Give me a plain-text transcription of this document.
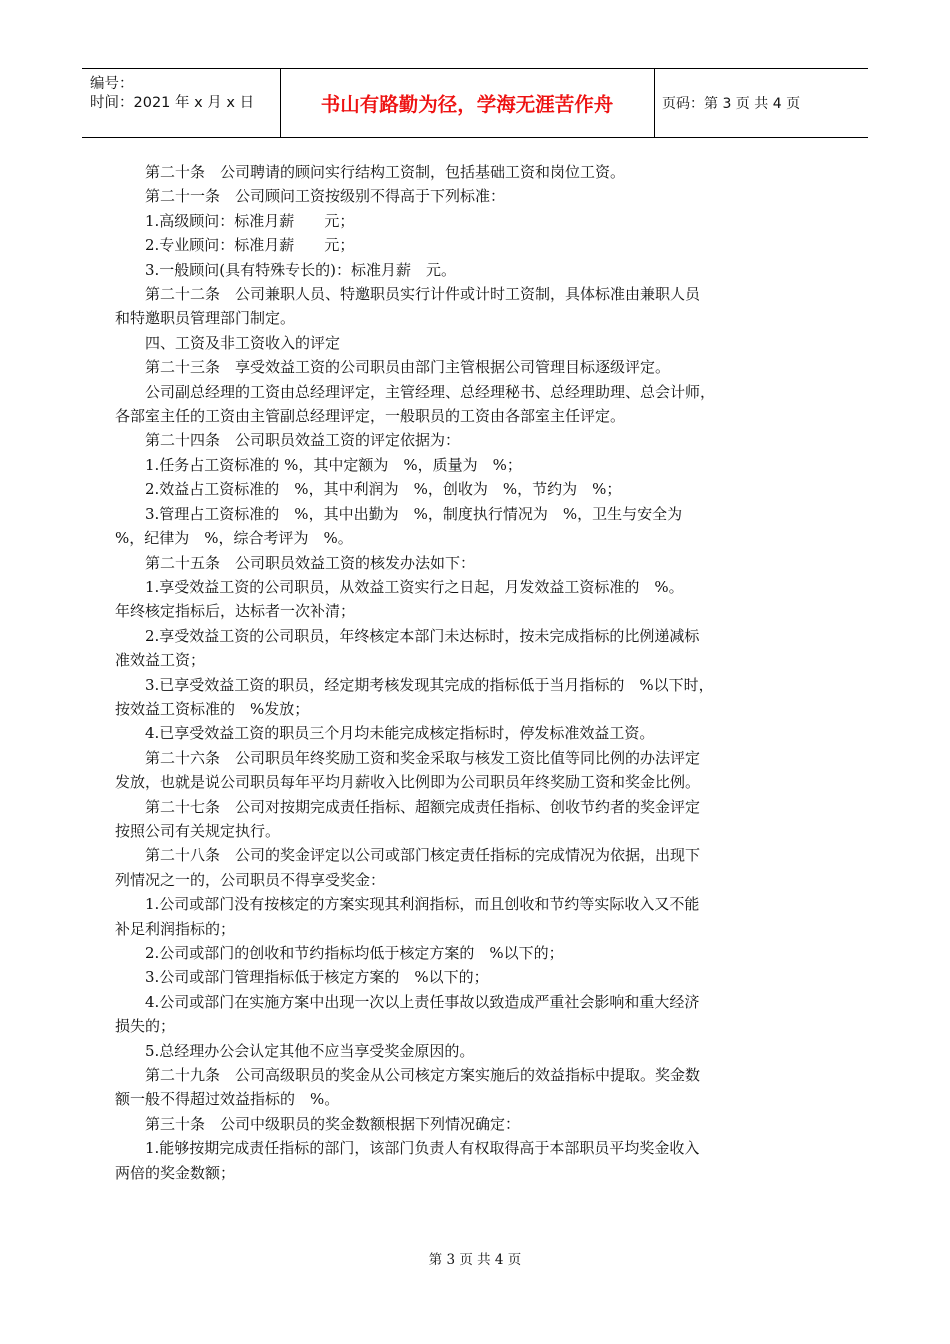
编号：
时间：2021 年 x 月 x 日	书山有路勤为径，学海无涯苦作舟	页码：第 3 页 共 4 页

第二十条　公司聘请的顾问实行结构工资制，包括基础工资和岗位工资。

第二十一条　公司顾问工资按级别不得高于下列标准：

1.高级顾问：标准月薪　　元；

2.专业顾问：标准月薪　　元；

3.一般顾问(具有特殊专长的)：标准月薪　元。

第二十二条　公司兼职人员、特邀职员实行计件或计时工资制，具体标准由兼职人员

和特邀职员管理部门制定。

四、工资及非工资收入的评定

第二十三条　享受效益工资的公司职员由部门主管根据公司管理目标逐级评定。

公司副总经理的工资由总经理评定，主管经理、总经理秘书、总经理助理、总会计师，

各部室主任的工资由主管副总经理评定，一般职员的工资由各部室主任评定。

第二十四条　公司职员效益工资的评定依据为：

1.任务占工资标准的 %，其中定额为　%，质量为　%；

2.效益占工资标准的　%，其中利润为　%，创收为　%，节约为　%；

3.管理占工资标准的　%，其中出勤为　%，制度执行情况为　%，卫生与安全为

%，纪律为　%，综合考评为　%。

第二十五条　公司职员效益工资的核发办法如下：

1.享受效益工资的公司职员，从效益工资实行之日起，月发效益工资标准的　%。

年终核定指标后，达标者一次补清；

2.享受效益工资的公司职员，年终核定本部门未达标时，按未完成指标的比例递减标

准效益工资；

3.已享受效益工资的职员，经定期考核发现其完成的指标低于当月指标的　%以下时，

按效益工资标准的　%发放；

4.已享受效益工资的职员三个月均未能完成核定指标时，停发标准效益工资。

第二十六条　公司职员年终奖励工资和奖金采取与核发工资比值等同比例的办法评定

发放，也就是说公司职员每年平均月薪收入比例即为公司职员年终奖励工资和奖金比例。

第二十七条　公司对按期完成责任指标、超额完成责任指标、创收节约者的奖金评定

按照公司有关规定执行。

第二十八条　公司的奖金评定以公司或部门核定责任指标的完成情况为依据，出现下

列情况之一的，公司职员不得享受奖金：

1.公司或部门没有按核定的方案实现其利润指标，而且创收和节约等实际收入又不能

补足利润指标的；

2.公司或部门的创收和节约指标均低于核定方案的　%以下的；

3.公司或部门管理指标低于核定方案的　%以下的；

4.公司或部门在实施方案中出现一次以上责任事故以致造成严重社会影响和重大经济

损失的；

5.总经理办公会认定其他不应当享受奖金原因的。

第二十九条　公司高级职员的奖金从公司核定方案实施后的效益指标中提取。奖金数

额一般不得超过效益指标的　%。

第三十条　公司中级职员的奖金数额根据下列情况确定：

1.能够按期完成责任指标的部门，该部门负责人有权取得高于本部职员平均奖金收入

两倍的奖金数额；

第 3 页 共 4 页
